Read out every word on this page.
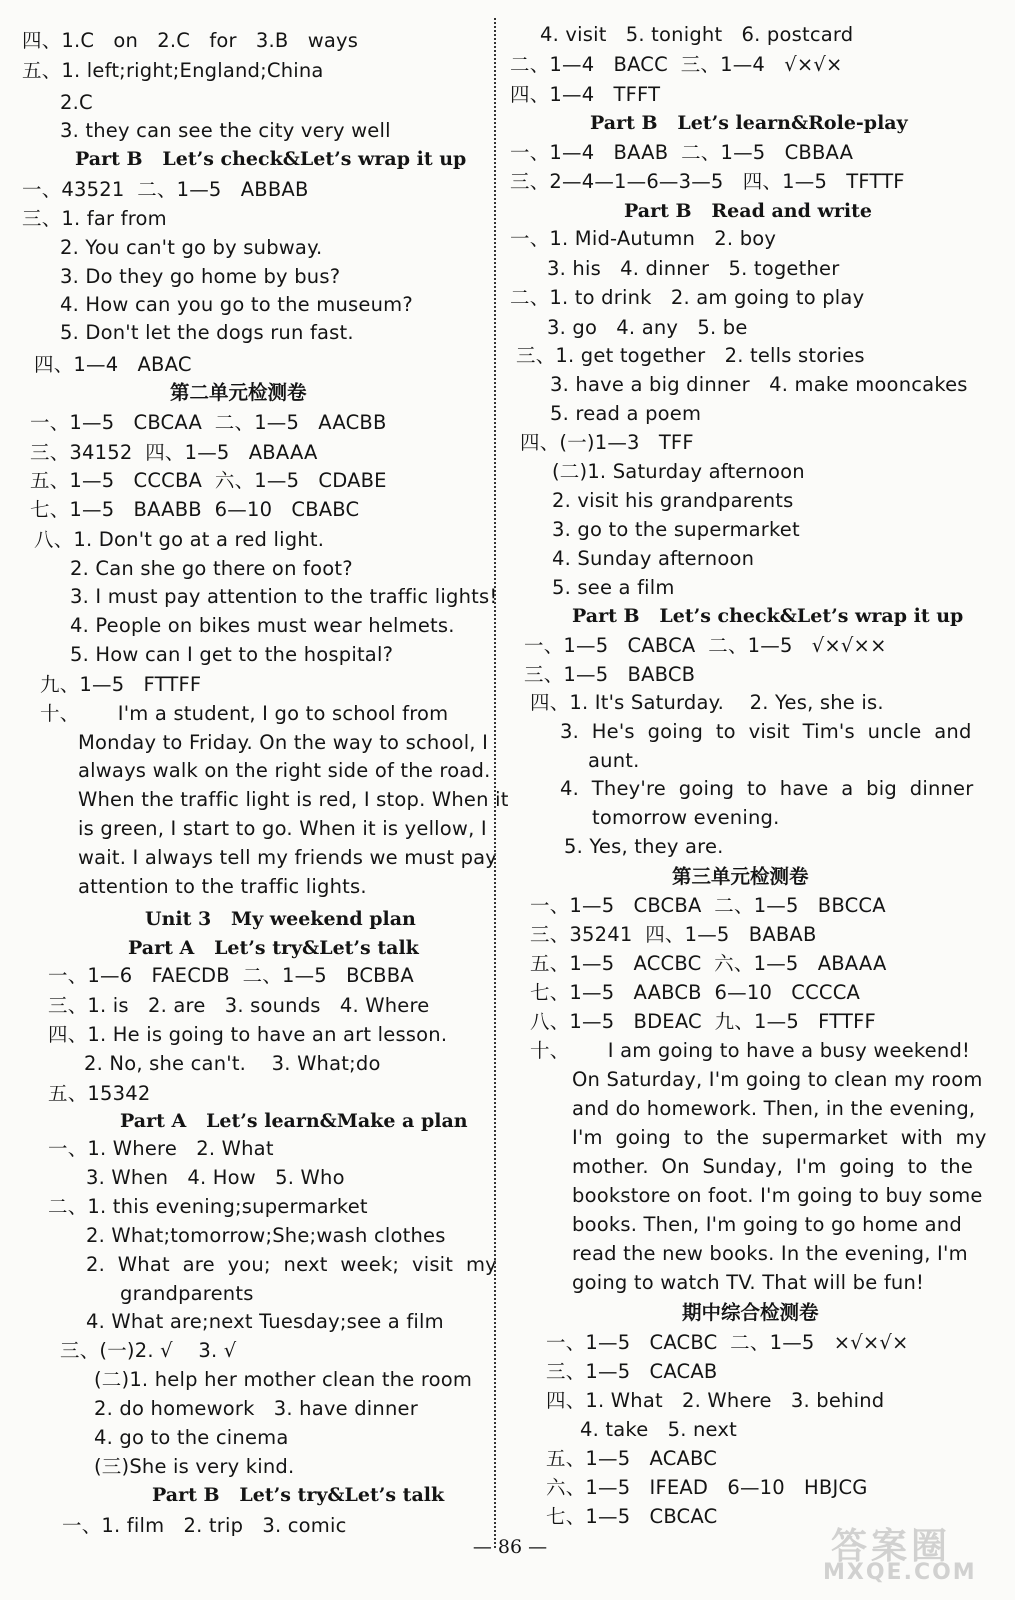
四、1.C   on   2.C   for   3.B   ways
五、1. left;right;England;China
2.C
3. they can see the city very well
Part B   Let’s check&Let’s wrap it up
一、43521  二、1—5   ABBAB
三、1. far from
2. You can't go by subway.
3. Do they go home by bus?
4. How can you go to the museum?
5. Don't let the dogs run fast.
四、1—4   ABAC
第二单元检测卷
一、1—5   CBCAA  二、1—5   AACBB
三、34152  四、1—5   ABAAA
五、1—5   CCCBA  六、1—5   CDABE
七、1—5   BAABB  6—10   CBABC
八、1. Don't go at a red light.
2. Can she go there on foot?
3. I must pay attention to the traffic lights!
4. People on bikes must wear helmets.
5. How can I get to the hospital?
九、1—5   FTTFF
十、      I'm a student, I go to school from
Monday to Friday. On the way to school, I
always walk on the right side of the road.
When the traffic light is red, I stop. When it
is green, I start to go. When it is yellow, I
wait. I always tell my friends we must pay
attention to the traffic lights.
Unit 3   My weekend plan
Part A   Let’s try&Let’s talk
一、1—6   FAECDB  二、1—5   BCBBA
三、1. is   2. are   3. sounds   4. Where
四、1. He is going to have an art lesson.
2. No, she can't.    3. What;do
五、15342
Part A   Let’s learn&Make a plan
一、1. Where   2. What
3. When   4. How   5. Who
二、1. this evening;supermarket
2. What;tomorrow;She;wash clothes
2.  What  are  you;  next  week;  visit  my
grandparents
4. What are;next Tuesday;see a film
三、(一)2. √    3. √
(二)1. help her mother clean the room
2. do homework   3. have dinner
4. go to the cinema
(三)She is very kind.
Part B   Let’s try&Let’s talk
一、1. film   2. trip   3. comic
4. visit   5. tonight   6. postcard
二、1—4   BACC  三、1—4   √×√×
四、1—4   TFFT
Part B   Let’s learn&Role-play
一、1—4   BAAB  二、1—5   CBBAA
三、2—4—1—6—3—5   四、1—5   TFTTF
Part B   Read and write
一、1. Mid-Autumn   2. boy
3. his   4. dinner   5. together
二、1. to drink   2. am going to play
3. go   4. any   5. be
三、1. get together   2. tells stories
3. have a big dinner   4. make mooncakes
5. read a poem
四、(一)1—3   TFF
(二)1. Saturday afternoon
2. visit his grandparents
3. go to the supermarket
4. Sunday afternoon
5. see a film
Part B   Let’s check&Let’s wrap it up
一、1—5   CABCA  二、1—5   √×√××
三、1—5   BABCB
四、1. It's Saturday.    2. Yes, she is.
3.  He's  going  to  visit  Tim's  uncle  and
aunt.
4.  They're  going  to  have  a  big  dinner
tomorrow evening.
5. Yes, they are.
第三单元检测卷
一、1—5   CBCBA  二、1—5   BBCCA
三、35241  四、1—5   BABAB
五、1—5   ACCBC  六、1—5   ABAAA
七、1—5   AABCB  6—10   CCCCA
八、1—5   BDEAC  九、1—5   FTTFF
十、      I am going to have a busy weekend!
On Saturday, I'm going to clean my room
and do homework. Then, in the evening,
I'm  going  to  the  supermarket  with  my
mother.  On  Sunday,  I'm  going  to  the
bookstore on foot. I'm going to buy some
books. Then, I'm going to go home and
read the new books. In the evening, I'm
going to watch TV. That will be fun!
期中综合检测卷
一、1—5   CACBC  二、1—5   ×√×√×
三、1—5   CACAB
四、1. What   2. Where   3. behind
4. take   5. next
五、1—5   ACABC
六、1—5   IFEAD   6—10   HBJCG
七、1—5   CBCAC
— 86 —	答案圈
MXQE.COM
